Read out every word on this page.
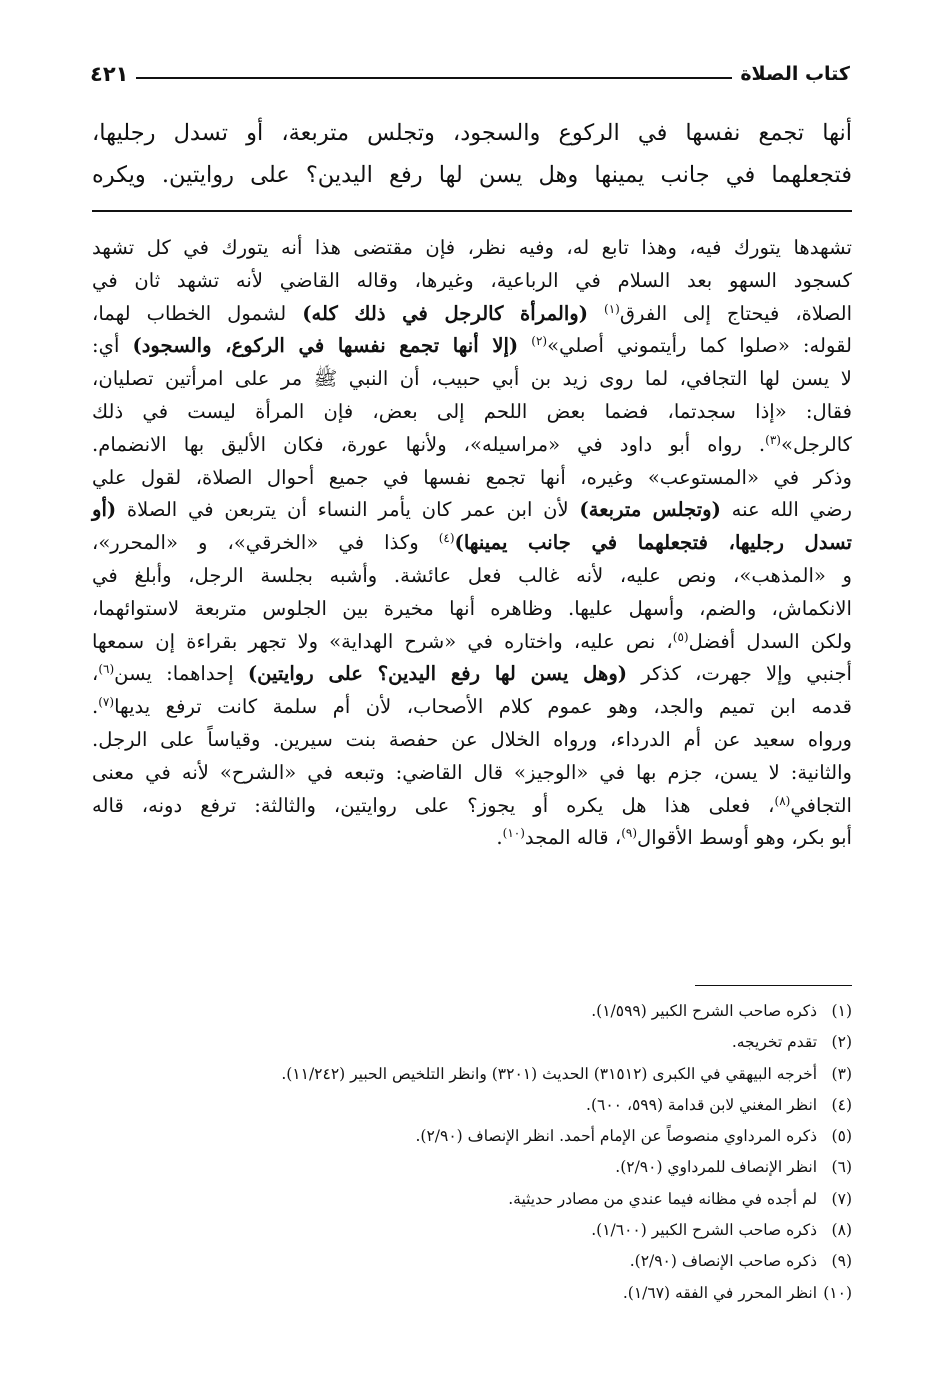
كتاب الصلاة
٤٢١
أنها تجمع نفسها في الركوع والسجود، وتجلس متربعة، أو تسدل رجليها،
فتجعلهما في جانب يمينها وهل يسن لها رفع اليدين؟ على روايتين. ويكره
تشهدها يتورك فيه، وهذا تابع له، وفيه نظر، فإن مقتضى هذا أنه يتورك في كل تشهد
كسجود السهو بعد السلام في الرباعية، وغيرها، وقاله القاضي لأنه تشهد ثان في
الصلاة، فيحتاج إلى الفرق$^{(١)}$ (والمرأة كالرجل في ذلك كله) لشمول الخطاب لهما،
لقوله: «صلوا كما رأيتموني أصلي»$^{(٢)}$ (إلا أنها تجمع نفسها في الركوع، والسجود) أي:
لا يسن لها التجافي، لما روى زيد بن أبي حبيب، أن النبي ﷺ مر على امرأتين تصليان،
فقال: «إذا سجدتما، فضما بعض اللحم إلى بعض، فإن المرأة ليست في ذلك
كالرجل»$^{(٣)}$. رواه أبو داود في «مراسيله»، ولأنها عورة، فكان الأليق بها الانضمام.
وذكر في «المستوعب» وغيره، أنها تجمع نفسها في جميع أحوال الصلاة، لقول علي
رضي الله عنه (وتجلس متربعة) لأن ابن عمر كان يأمر النساء أن يتربعن في الصلاة (أو
تسدل رجليها، فتجعلهما في جانب يمينها)$^{(٤)}$ وكذا في «الخرقي»، و «المحرر»،
و «المذهب»، ونص عليه، لأنه غالب فعل عائشة. وأشبه بجلسة الرجل، وأبلغ في
الانكماش، والضم، وأسهل عليها. وظاهره أنها مخيرة بين الجلوس متربعة لاستوائهما،
ولكن السدل أفضل$^{(٥)}$، نص عليه، واختاره في «شرح الهداية» ولا تجهر بقراءة إن سمعها
أجنبي وإلا جهرت، كذكر (وهل يسن لها رفع اليدين؟ على روايتين) إحداهما: يسن$^{(٦)}$،
قدمه ابن تميم والجد، وهو عموم كلام الأصحاب، لأن أم سلمة كانت ترفع يديها$^{(٧)}$.
ورواه سعيد عن أم الدرداء، ورواه الخلال عن حفصة بنت سيرين. وقياساً على الرجل.
والثانية: لا يسن، جزم بها في «الوجيز» قال القاضي: وتبعه في «الشرح» لأنه في معنى
التجافي$^{(٨)}$، فعلى هذا هل يكره أو يجوز؟ على روايتين، والثالثة: ترفع دونه، قاله
أبو بكر، وهو أوسط الأقوال$^{(٩)}$، قاله المجد$^{(١٠)}$.
(١) ذكره صاحب الشرح الكبير (١/٥٩٩).
(٢) تقدم تخريجه.
(٣) أخرجه البيهقي في الكبرى (٣١٥١٢) الحديث (٣٢٠١) وانظر التلخيص الحبير (١١/٢٤٢).
(٤) انظر المغني لابن قدامة (٥٩٩، ٦٠٠).
(٥) ذكره المرداوي منصوصاً عن الإمام أحمد. انظر الإنصاف (٢/٩٠).
(٦) انظر الإنصاف للمرداوي (٢/٩٠).
(٧) لم أجده في مظانه فيما عندي من مصادر حديثية.
(٨) ذكره صاحب الشرح الكبير (١/٦٠٠).
(٩) ذكره صاحب الإنصاف (٢/٩٠).
(١٠) انظر المحرر في الفقه (١/٦٧).
